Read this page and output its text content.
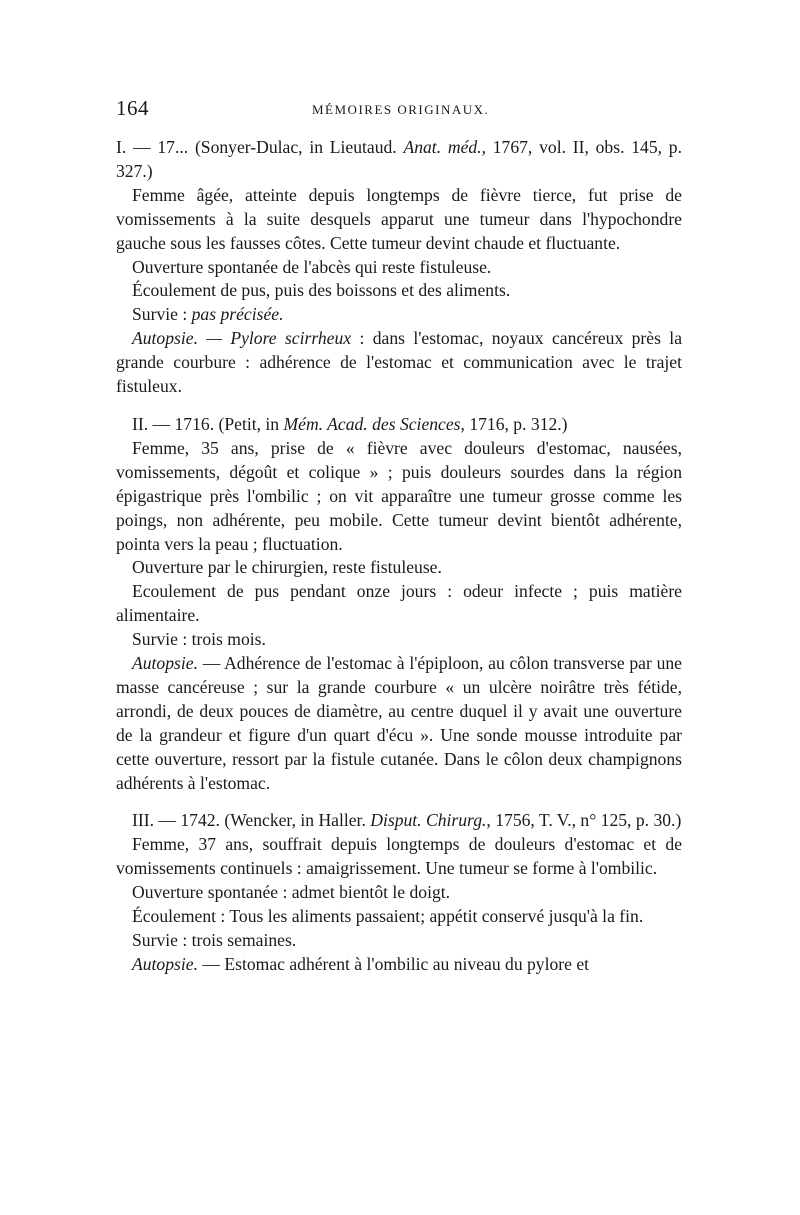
164	MÉMOIRES ORIGINAUX.

I. — 17... (Sonyer-Dulac, in Lieutaud. Anat. méd., 1767, vol. II, obs. 145, p. 327.)

Femme âgée, atteinte depuis longtemps de fièvre tierce, fut prise de vomissements à la suite desquels apparut une tumeur dans l'hypochondre gauche sous les fausses côtes. Cette tumeur devint chaude et fluctuante.

Ouverture spontanée de l'abcès qui reste fistuleuse.

Écoulement de pus, puis des boissons et des aliments.

Survie : pas précisée.

Autopsie. — Pylore scirrheux : dans l'estomac, noyaux cancéreux près la grande courbure : adhérence de l'estomac et communication avec le trajet fistuleux.

II. — 1716. (Petit, in Mém. Acad. des Sciences, 1716, p. 312.)

Femme, 35 ans, prise de « fièvre avec douleurs d'estomac, nausées, vomissements, dégoût et colique » ; puis douleurs sourdes dans la région épigastrique près l'ombilic ; on vit apparaître une tumeur grosse comme les poings, non adhérente, peu mobile. Cette tumeur devint bientôt adhérente, pointa vers la peau ; fluctuation.

Ouverture par le chirurgien, reste fistuleuse.

Ecoulement de pus pendant onze jours : odeur infecte ; puis matière alimentaire.

Survie : trois mois.

Autopsie. — Adhérence de l'estomac à l'épiploon, au côlon transverse par une masse cancéreuse ; sur la grande courbure « un ulcère noirâtre très fétide, arrondi, de deux pouces de diamètre, au centre duquel il y avait une ouverture de la grandeur et figure d'un quart d'écu ». Une sonde mousse introduite par cette ouverture, ressort par la fistule cutanée. Dans le côlon deux champignons adhérents à l'estomac.

III. — 1742. (Wencker, in Haller. Disput. Chirurg., 1756, T. V., n° 125, p. 30.)

Femme, 37 ans, souffrait depuis longtemps de douleurs d'estomac et de vomissements continuels : amaigrissement. Une tumeur se forme à l'ombilic.

Ouverture spontanée : admet bientôt le doigt.

Écoulement : Tous les aliments passaient; appétit conservé jusqu'à la fin.

Survie : trois semaines.

Autopsie. — Estomac adhérent à l'ombilic au niveau du pylore et
